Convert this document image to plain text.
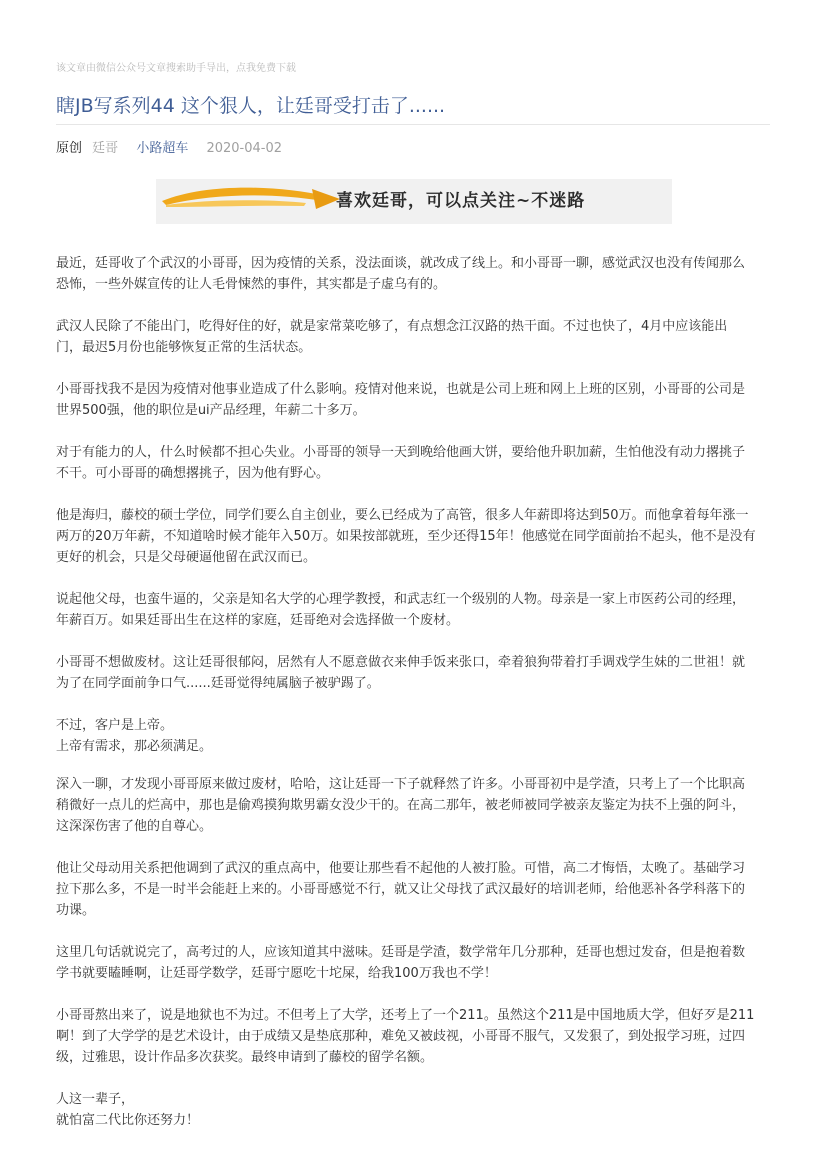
该文章由微信公众号文章搜索助手导出，点我免费下载
瞎JB写系列44 这个狠人，让廷哥受打击了......
原创 廷哥 小路超车 2020-04-02
喜欢廷哥，可以点关注~不迷路

最近，廷哥收了个武汉的小哥哥，因为疫情的关系，没法面谈，就改成了线上。和小哥哥一聊，感觉武汉也没有传闻那么
恐怖，一些外媒宣传的让人毛骨悚然的事件，其实都是子虚乌有的。

武汉人民除了不能出门，吃得好住的好，就是家常菜吃够了，有点想念江汉路的热干面。不过也快了，4月中应该能出
门，最迟5月份也能够恢复正常的生活状态。

小哥哥找我不是因为疫情对他事业造成了什么影响。疫情对他来说，也就是公司上班和网上上班的区别，小哥哥的公司是
世界500强，他的职位是ui产品经理，年薪二十多万。

对于有能力的人，什么时候都不担心失业。小哥哥的领导一天到晚给他画大饼，要给他升职加薪，生怕他没有动力撂挑子
不干。可小哥哥的确想撂挑子，因为他有野心。

他是海归，藤校的硕士学位，同学们要么自主创业，要么已经成为了高管，很多人年薪即将达到50万。而他拿着每年涨一
两万的20万年薪，不知道啥时候才能年入50万。如果按部就班，至少还得15年！他感觉在同学面前抬不起头，他不是没有
更好的机会，只是父母硬逼他留在武汉而已。

说起他父母，也蛮牛逼的，父亲是知名大学的心理学教授，和武志红一个级别的人物。母亲是一家上市医药公司的经理，
年薪百万。如果廷哥出生在这样的家庭，廷哥绝对会选择做一个废材。

小哥哥不想做废材。这让廷哥很郁闷，居然有人不愿意做衣来伸手饭来张口，牵着狼狗带着打手调戏学生妹的二世祖！就
为了在同学面前争口气......廷哥觉得纯属脑子被驴踢了。

不过，客户是上帝。
上帝有需求，那必须满足。

深入一聊，才发现小哥哥原来做过废材，哈哈，这让廷哥一下子就释然了许多。小哥哥初中是学渣，只考上了一个比职高
稍微好一点儿的烂高中，那也是偷鸡摸狗欺男霸女没少干的。在高二那年，被老师被同学被亲友鉴定为扶不上强的阿斗，
这深深伤害了他的自尊心。

他让父母动用关系把他调到了武汉的重点高中，他要让那些看不起他的人被打脸。可惜，高二才悔悟，太晚了。基础学习
拉下那么多，不是一时半会能赶上来的。小哥哥感觉不行，就又让父母找了武汉最好的培训老师，给他恶补各学科落下的
功课。

这里几句话就说完了，高考过的人，应该知道其中滋味。廷哥是学渣，数学常年几分那种，廷哥也想过发奋，但是抱着数
学书就要瞌睡啊，让廷哥学数学，廷哥宁愿吃十坨屎，给我100万我也不学！

小哥哥熬出来了，说是地狱也不为过。不但考上了大学，还考上了一个211。虽然这个211是中国地质大学，但好歹是211
啊！到了大学学的是艺术设计，由于成绩又是垫底那种，难免又被歧视，小哥哥不服气，又发狠了，到处报学习班，过四
级，过雅思，设计作品多次获奖。最终申请到了藤校的留学名额。

人这一辈子，
就怕富二代比你还努力！
